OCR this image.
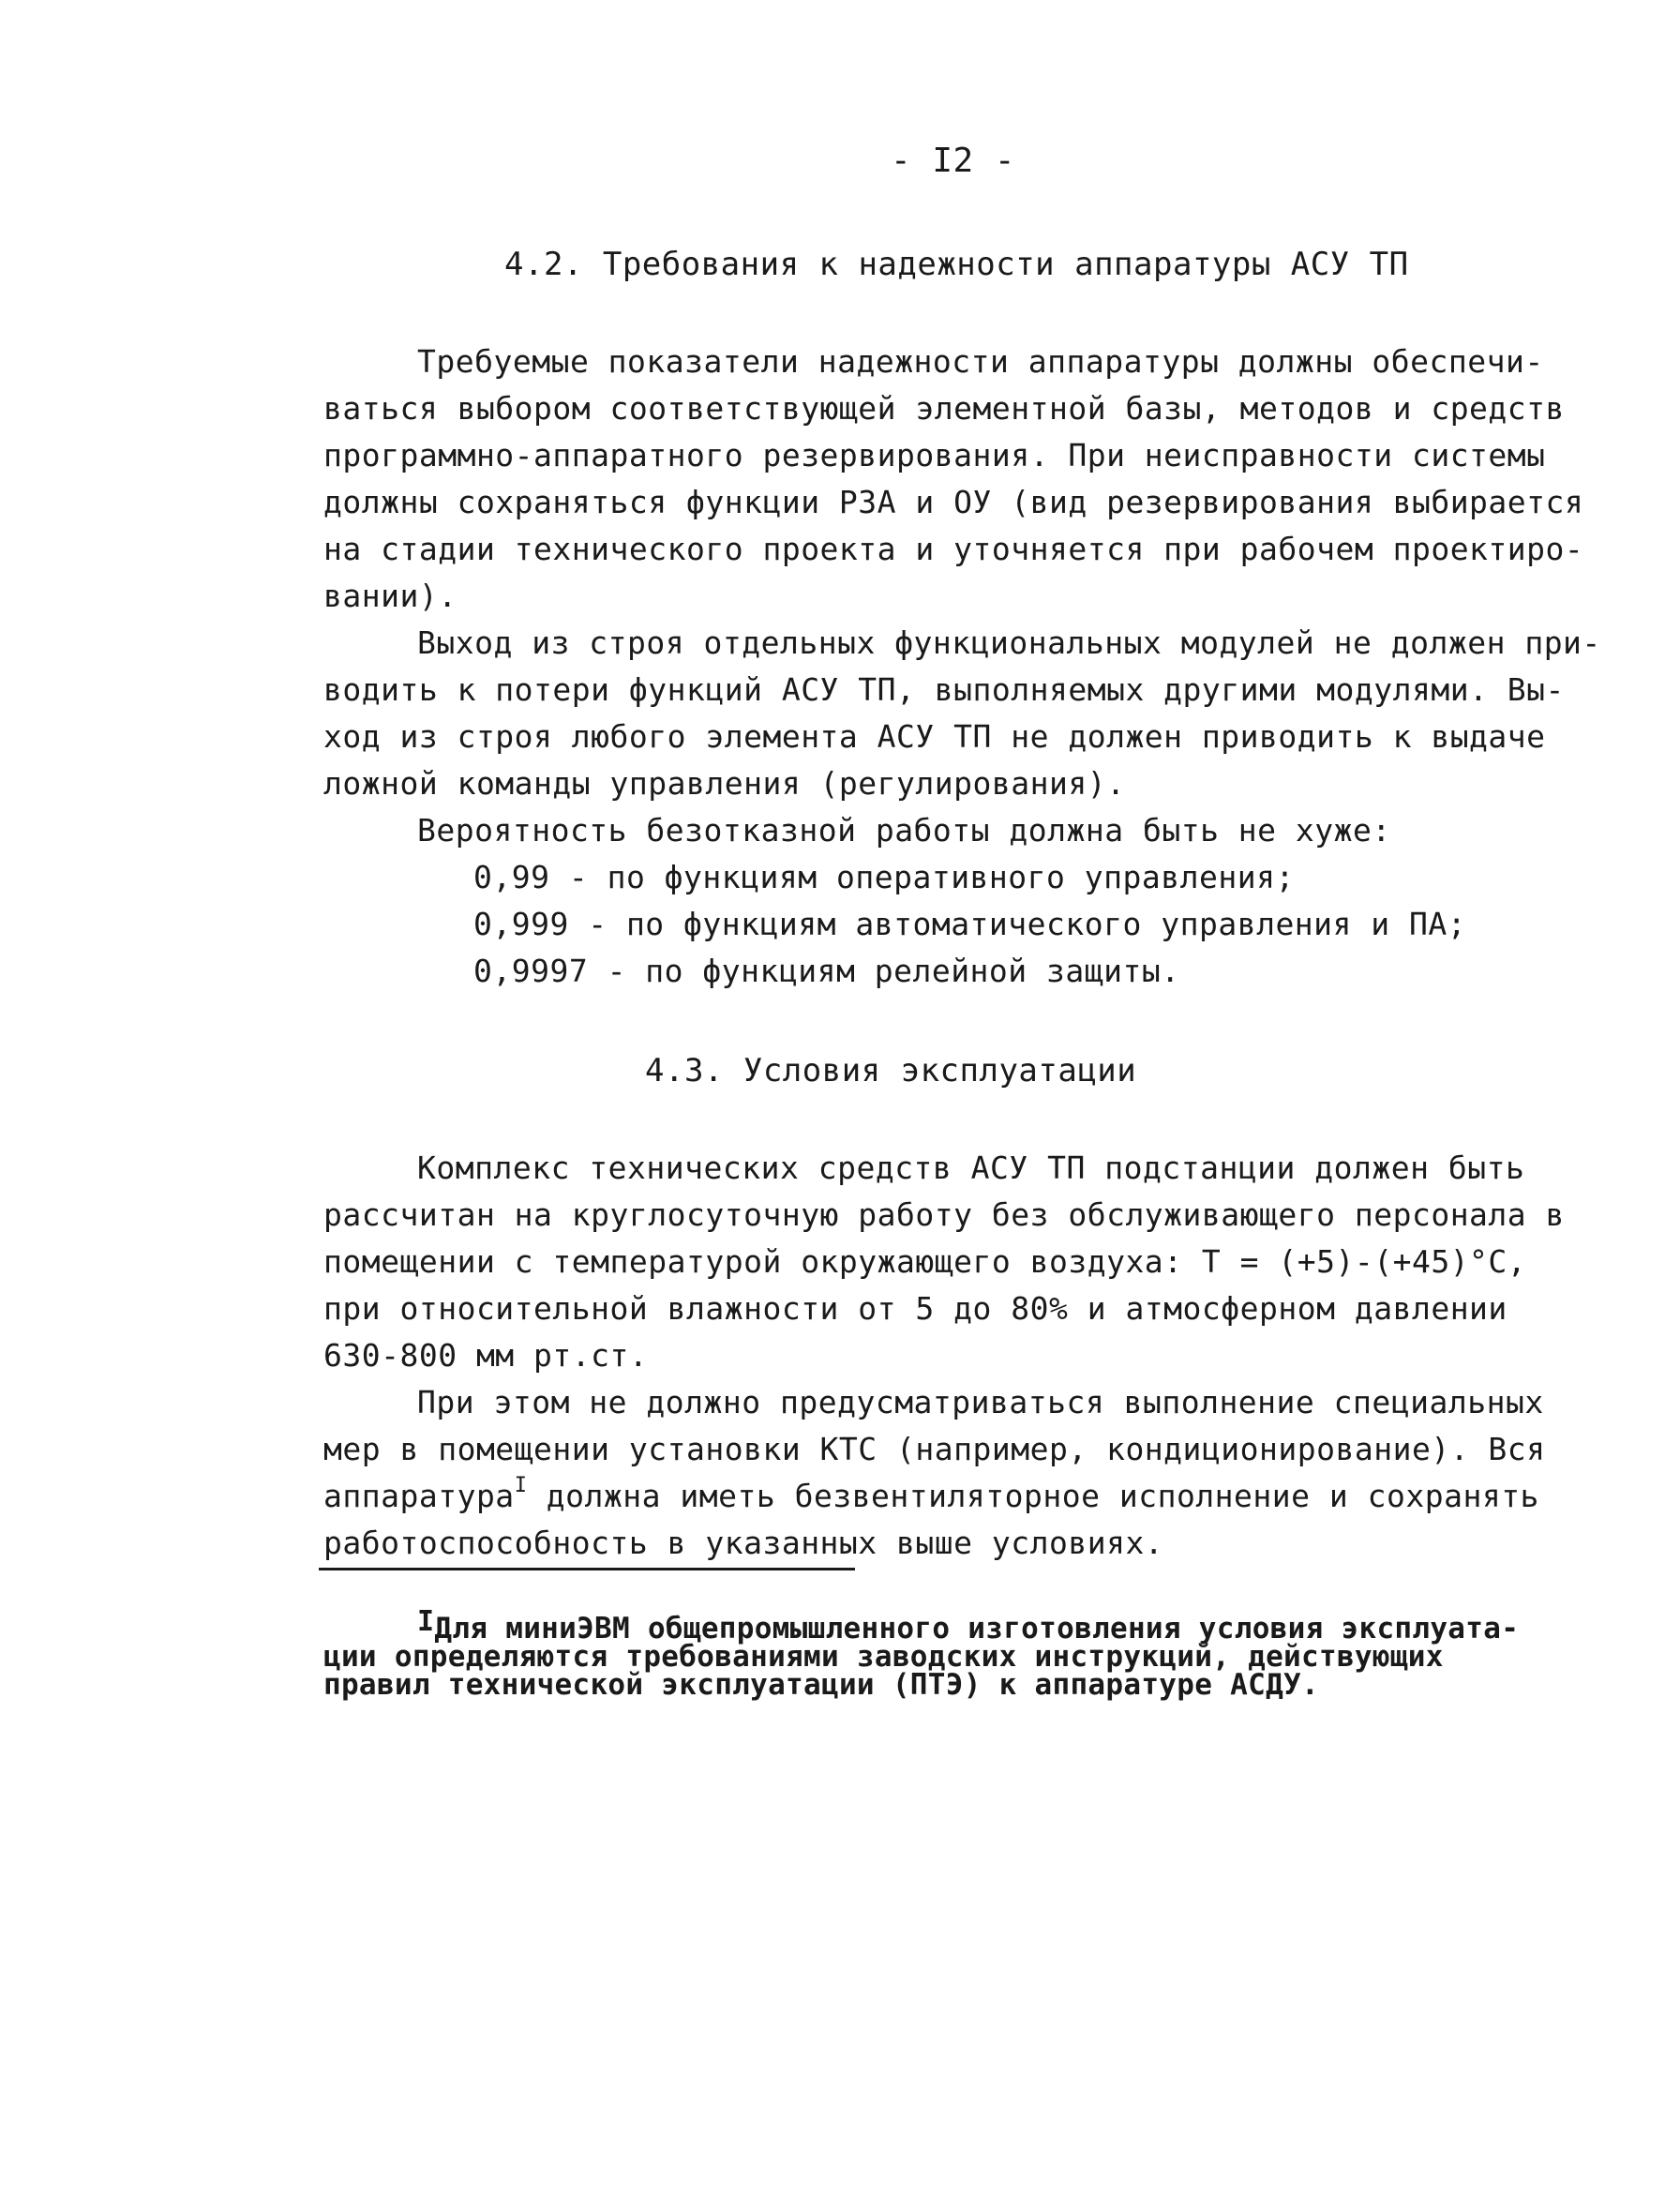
- I2 -
4.2. Требования к надежности аппаратуры АСУ ТП
Требуемые показатели надежности аппаратуры должны обеспечи-
ваться выбором соответствующей элементной базы, методов и средств
программно-аппаратного резервирования. При неисправности системы
должны сохраняться функции РЗА и ОУ (вид резервирования выбирается
на стадии технического проекта и уточняется при рабочем проектиро-
вании).
Выход из строя отдельных функциональных модулей не должен при-
водить к потери функций АСУ ТП, выполняемых другими модулями. Вы-
ход из строя любого элемента АСУ ТП не должен приводить к выдаче
ложной команды управления (регулирования).
Вероятность безотказной работы должна быть не хуже:
0,99 - по функциям оперативного управления;
0,999 - по функциям автоматического управления и ПА;
0,9997 - по функциям релейной защиты.
4.3. Условия эксплуатации
Комплекс технических средств АСУ ТП подстанции должен быть
рассчитан на круглосуточную работу без обслуживающего персонала в
помещении с температурой окружающего воздуха: Т = (+5)-(+45)°С,
при относительной влажности от 5 до 80% и атмосферном давлении
630-800 мм рт.ст.
При этом не должно предусматриваться выполнение специальных
мер в помещении установки КТС (например, кондиционирование). Вся
аппаратура$^I$ должна иметь безвентиляторное исполнение и сохранять
работоспособность в указанных выше условиях.
IДля миниЭВМ общепромышленного изготовления условия эксплуата-
ции определяются требованиями заводских инструкций, действующих
правил технической эксплуатации (ПТЭ) к аппаратуре АСДУ.
